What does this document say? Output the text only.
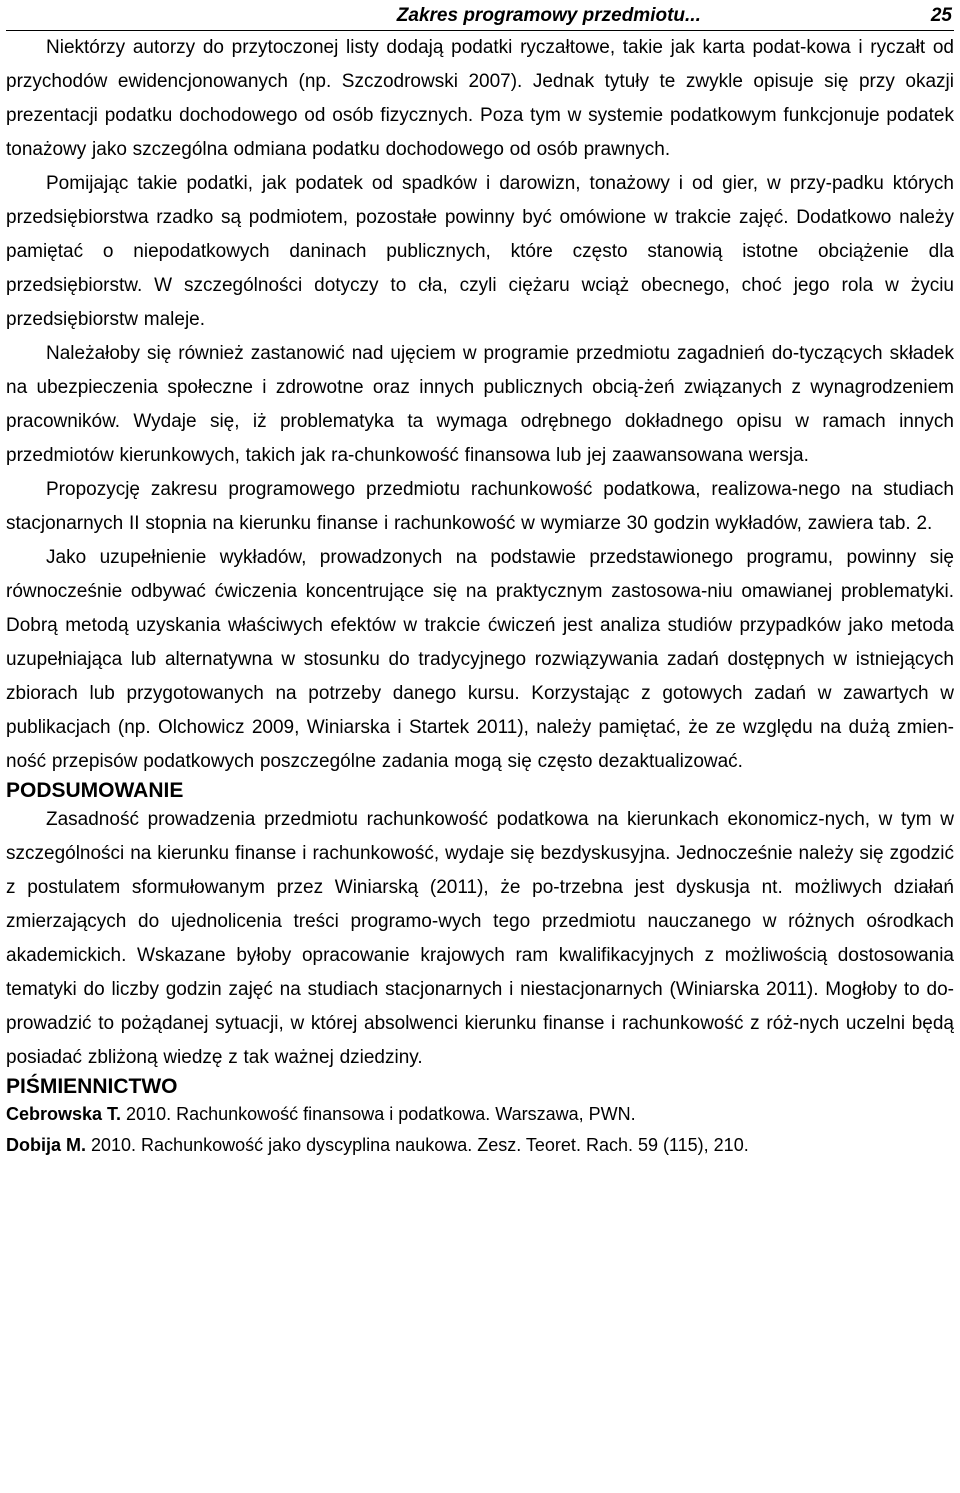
Zakres programowy przedmiotu...	25

Niektórzy autorzy do przytoczonej listy dodają podatki ryczałtowe, takie jak karta podat-kowa i ryczałt od przychodów ewidencjonowanych (np. Szczodrowski 2007). Jednak tytuły te zwykle opisuje się przy okazji prezentacji podatku dochodowego od osób fizycznych. Poza tym w systemie podatkowym funkcjonuje podatek tonażowy jako szczególna odmiana podatku dochodowego od osób prawnych.

Pomijając takie podatki, jak podatek od spadków i darowizn, tonażowy i od gier, w przy-padku których przedsiębiorstwa rzadko są podmiotem, pozostałe powinny być omówione w trakcie zajęć. Dodatkowo należy pamiętać o niepodatkowych daninach publicznych, które często stanowią istotne obciążenie dla przedsiębiorstw. W szczególności dotyczy to cła, czyli ciężaru wciąż obecnego, choć jego rola w życiu przedsiębiorstw maleje.

Należałoby się również zastanowić nad ujęciem w programie przedmiotu zagadnień do-tyczących składek na ubezpieczenia społeczne i zdrowotne oraz innych publicznych obcią-żeń związanych z wynagrodzeniem pracowników. Wydaje się, iż problematyka ta wymaga odrębnego dokładnego opisu w ramach innych przedmiotów kierunkowych, takich jak ra-chunkowość finansowa lub jej zaawansowana wersja.

Propozycję zakresu programowego przedmiotu rachunkowość podatkowa, realizowa-nego na studiach stacjonarnych II stopnia na kierunku finanse i rachunkowość w wymiarze 30 godzin wykładów, zawiera tab. 2.

Jako uzupełnienie wykładów, prowadzonych na podstawie przedstawionego programu, powinny się równocześnie odbywać ćwiczenia koncentrujące się na praktycznym zastosowa-niu omawianej problematyki. Dobrą metodą uzyskania właściwych efektów w trakcie ćwiczeń jest analiza studiów przypadków jako metoda uzupełniająca lub alternatywna w stosunku do tradycyjnego rozwiązywania zadań dostępnych w istniejących zbiorach lub przygotowanych na potrzeby danego kursu. Korzystając z gotowych zadań w zawartych w publikacjach (np. Olchowicz 2009, Winiarska i Startek 2011), należy pamiętać, że ze względu na dużą zmien-ność przepisów podatkowych poszczególne zadania mogą się często dezaktualizować.

PODSUMOWANIE

Zasadność prowadzenia przedmiotu rachunkowość podatkowa na kierunkach ekonomicz-nych, w tym w szczególności na kierunku finanse i rachunkowość, wydaje się bezdyskusyjna. Jednocześnie należy się zgodzić z postulatem sformułowanym przez Winiarską (2011), że po-trzebna jest dyskusja nt. możliwych działań zmierzających do ujednolicenia treści programo-wych tego przedmiotu nauczanego w różnych ośrodkach akademickich. Wskazane byłoby opracowanie krajowych ram kwalifikacyjnych z możliwością dostosowania tematyki do liczby godzin zajęć na studiach stacjonarnych i niestacjonarnych (Winiarska 2011). Mogłoby to do-prowadzić to pożądanej sytuacji, w której absolwenci kierunku finanse i rachunkowość z róż-nych uczelni będą posiadać zbliżoną wiedzę z tak ważnej dziedziny.

PIŚMIENNICTWO

Cebrowska T. 2010. Rachunkowość finansowa i podatkowa. Warszawa, PWN.

Dobija M. 2010. Rachunkowość jako dyscyplina naukowa. Zesz. Teoret. Rach. 59 (115), 210.
